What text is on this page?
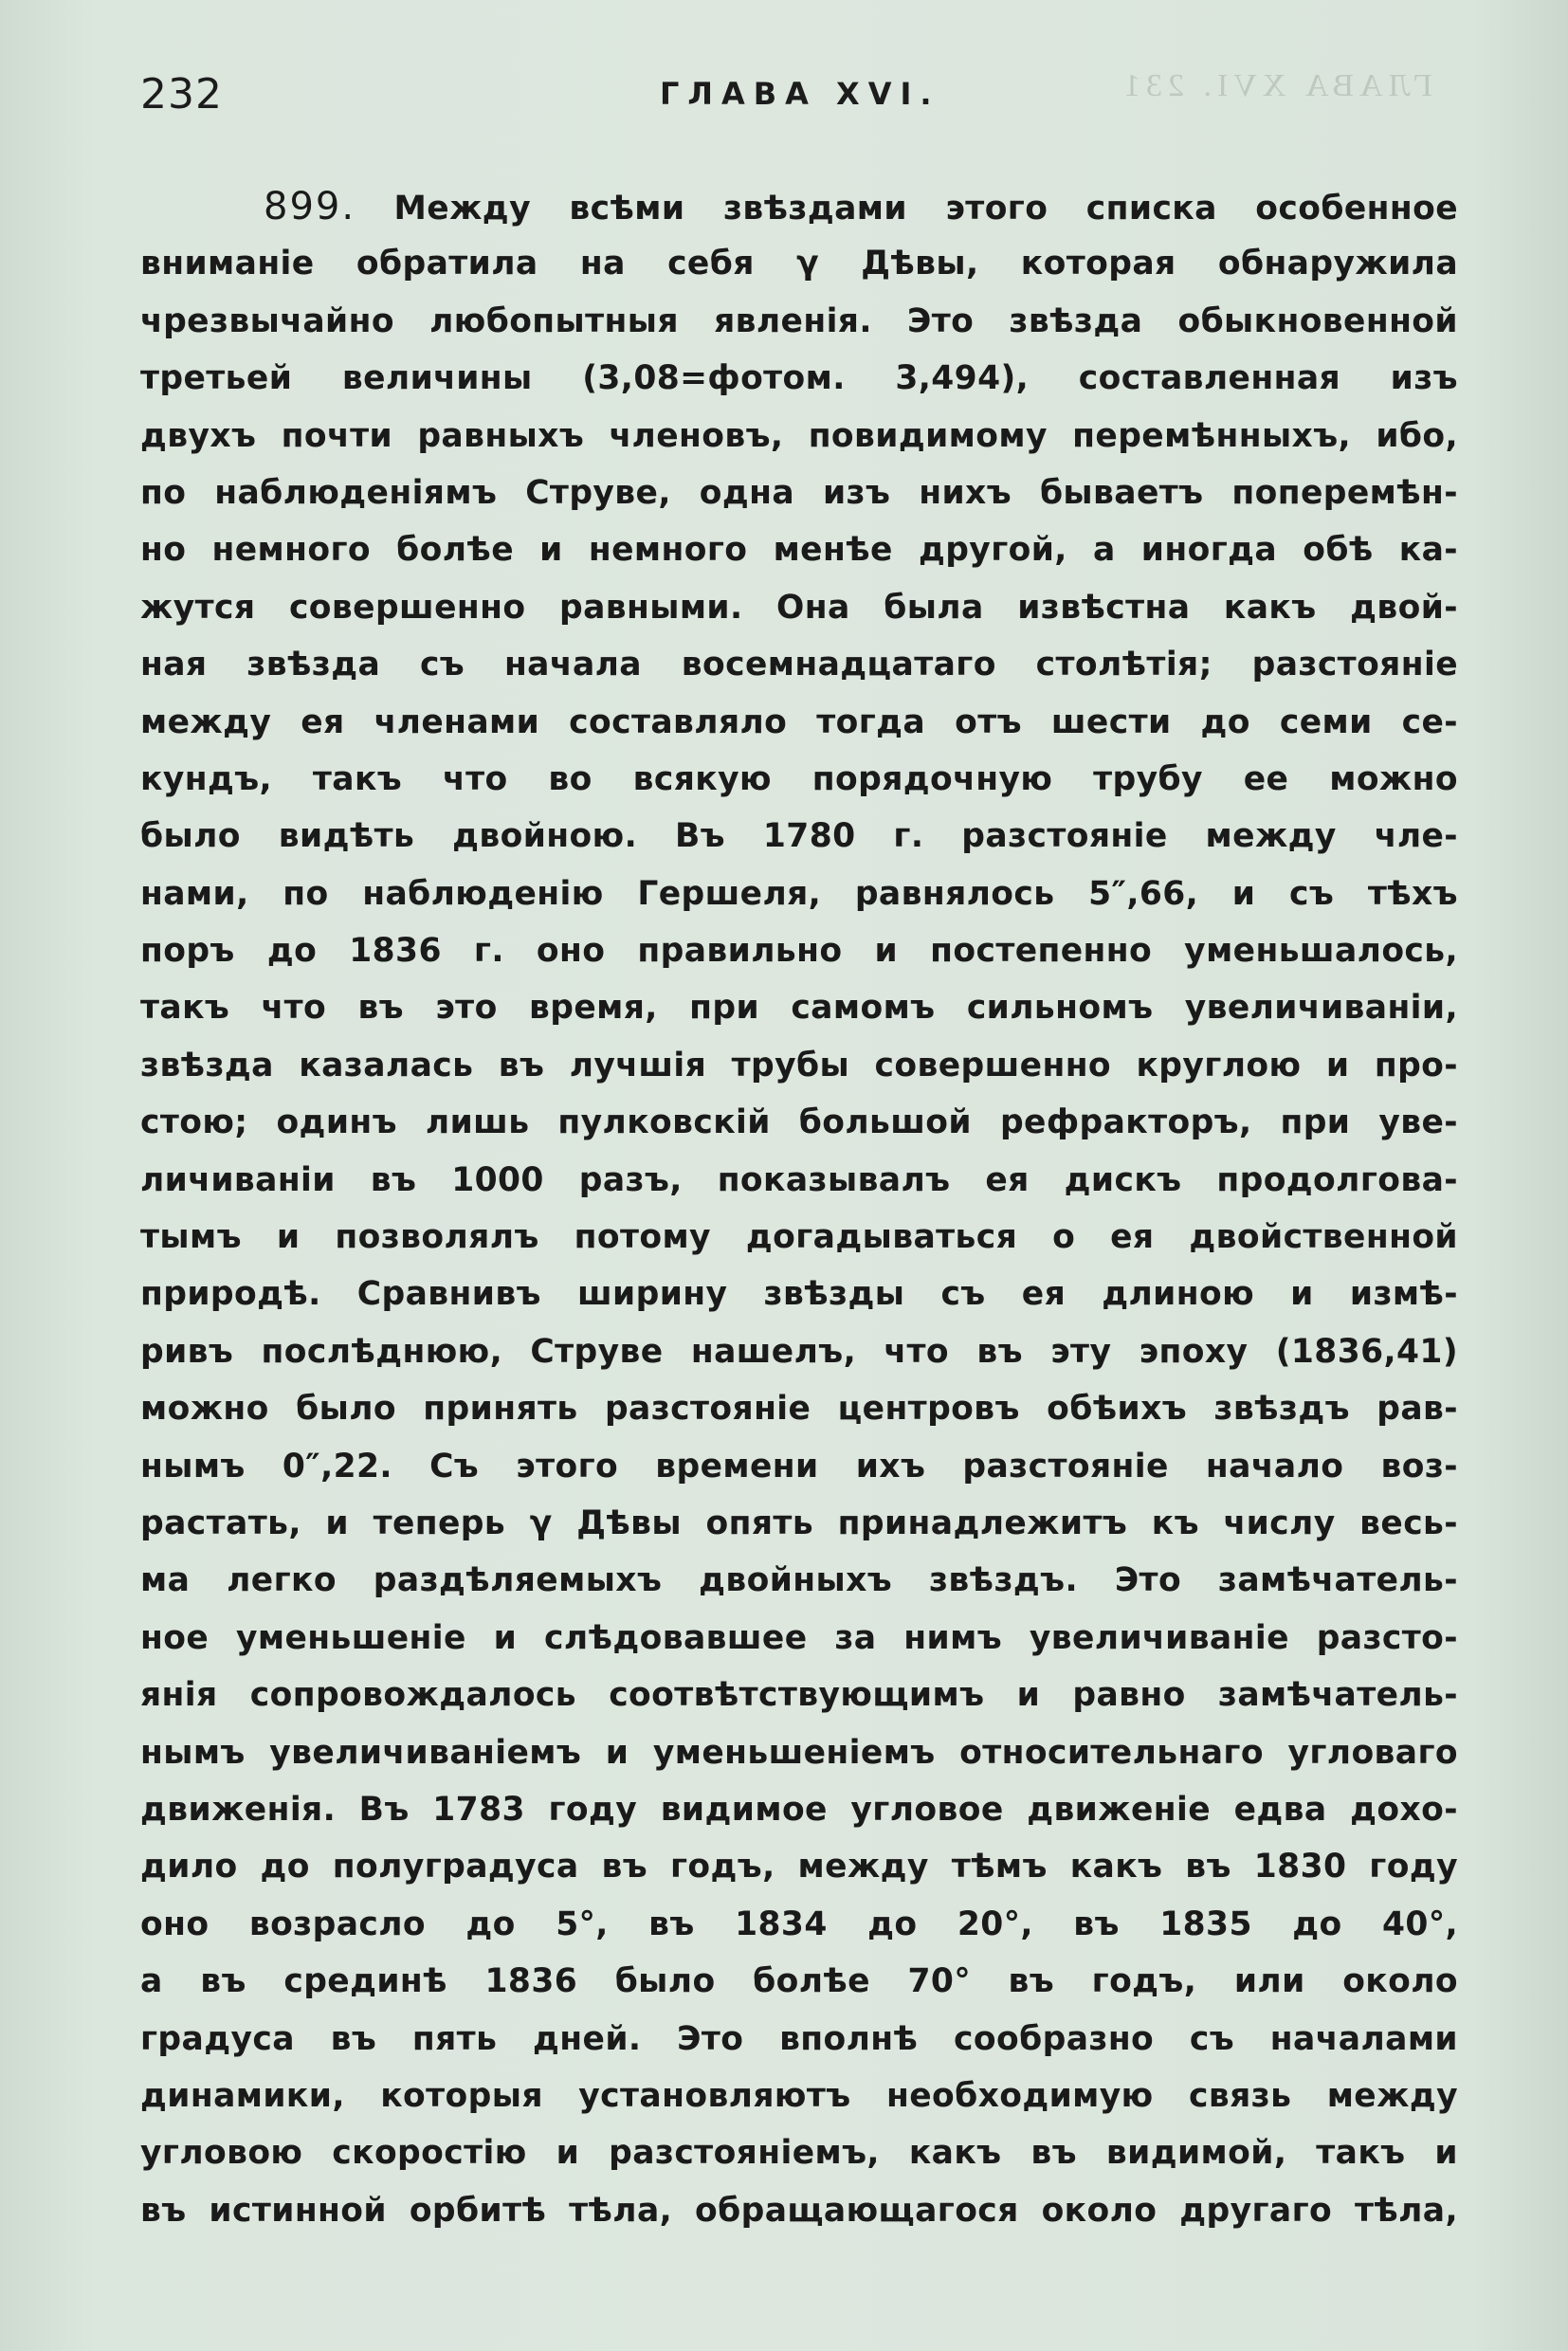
ГЛАВА XVI. 231
232	ГЛАВА XVI.
899. Между всѣми звѣздами этого списка особенное
вниманіе обратила на себя γ Дѣвы, которая обнаружила
чрезвычайно любопытныя явленія. Это звѣзда обыкновенной
третьей величины (3,08=фотом. 3,494), составленная изъ
двухъ почти равныхъ членовъ, повидимому перемѣнныхъ, ибо,
по наблюденіямъ Струве, одна изъ нихъ бываетъ поперемѣн-
но немного болѣе и немного менѣе другой, а иногда обѣ ка-
жутся совершенно равными. Она была извѣстна какъ двой-
ная звѣзда съ начала восемнадцатаго столѣтія; разстояніе
между ея членами составляло тогда отъ шести до семи се-
кундъ, такъ что во всякую порядочную трубу ее можно
было видѣть двойною. Въ 1780 г. разстояніе между чле-
нами, по наблюденію Гершеля, равнялось 5″,66, и съ тѣхъ
поръ до 1836 г. оно правильно и постепенно уменьшалось,
такъ что въ это время, при самомъ сильномъ увеличиваніи,
звѣзда казалась въ лучшія трубы совершенно круглою и про-
стою; одинъ лишь пулковскій большой рефракторъ, при уве-
личиваніи въ 1000 разъ, показывалъ ея дискъ продолгова-
тымъ и позволялъ потому догадываться о ея двойственной
природѣ. Сравнивъ ширину звѣзды съ ея длиною и измѣ-
ривъ послѣднюю, Струве нашелъ, что въ эту эпоху (1836,41)
можно было принять разстояніе центровъ обѣихъ звѣздъ рав-
нымъ 0″,22. Съ этого времени ихъ разстояніе начало воз-
растать, и теперь γ Дѣвы опять принадлежитъ къ числу весь-
ма легко раздѣляемыхъ двойныхъ звѣздъ. Это замѣчатель-
ное уменьшеніе и слѣдовавшее за нимъ увеличиваніе разсто-
янія сопровождалось соотвѣтствующимъ и равно замѣчатель-
нымъ увеличиваніемъ и уменьшеніемъ относительнаго угловаго
движенія. Въ 1783 году видимое угловое движеніе едва дохо-
дило до полуградуса въ годъ, между тѣмъ какъ въ 1830 году
оно возрасло до 5°, въ 1834 до 20°, въ 1835 до 40°,
а въ срединѣ 1836 было болѣе 70° въ годъ, или около
градуса въ пять дней. Это вполнѣ сообразно съ началами
динамики, которыя установляютъ необходимую связь между
угловою скоростію и разстояніемъ, какъ въ видимой, такъ и
въ истинной орбитѣ тѣла, обращающагося около другаго тѣла,
